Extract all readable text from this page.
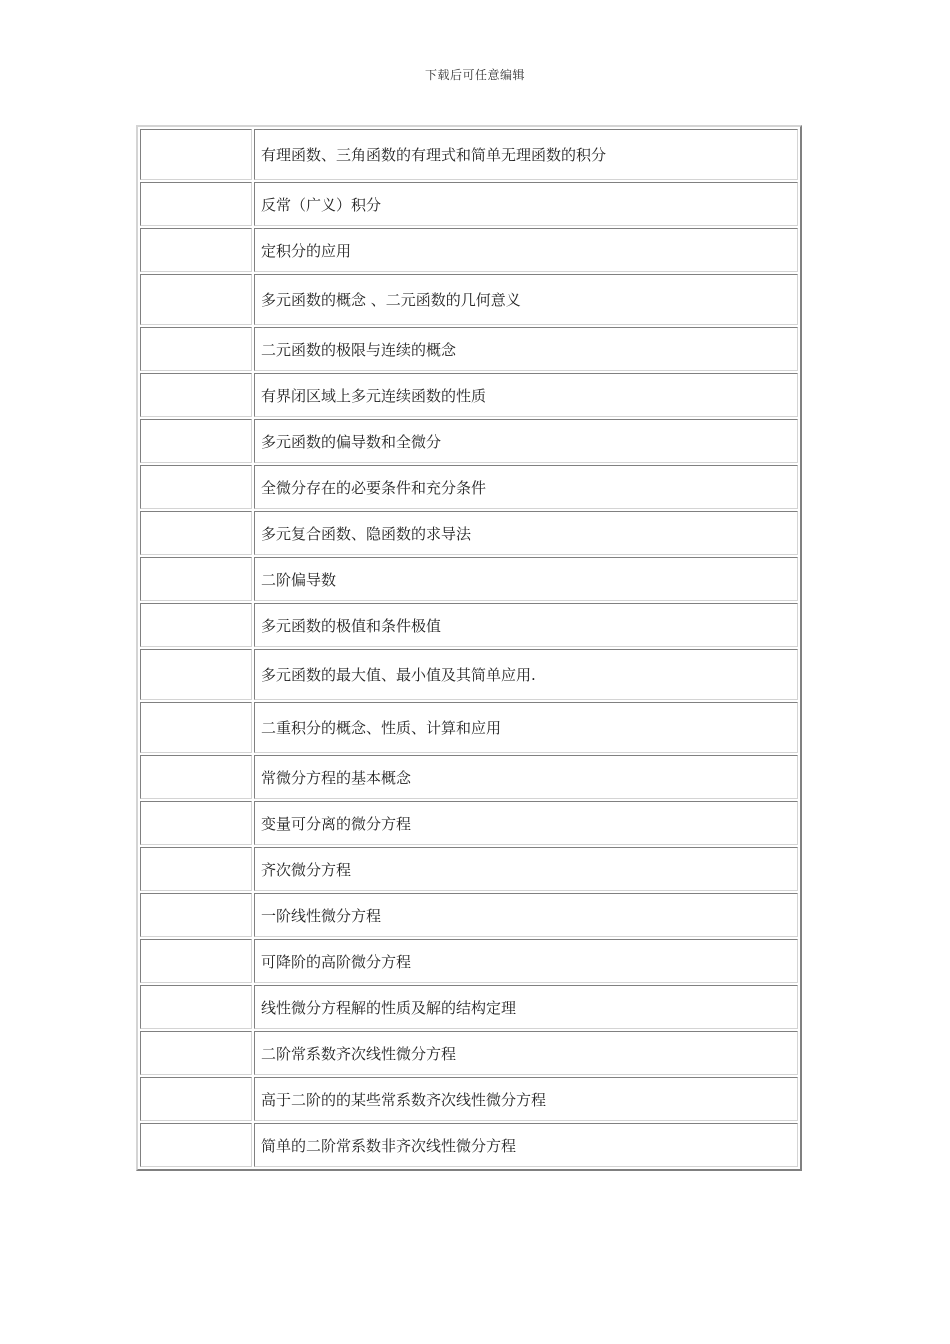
下载后可任意编辑
	有理函数、三角函数的有理式和简单无理函数的积分
	反常（广义）积分
	定积分的应用
	多元函数的概念 、二元函数的几何意义
	二元函数的极限与连续的概念
	有界闭区域上多元连续函数的性质
	多元函数的偏导数和全微分
	全微分存在的必要条件和充分条件
	多元复合函数、隐函数的求导法
	二阶偏导数
	多元函数的极值和条件极值
	多元函数的最大值、最小值及其简单应用.
	二重积分的概念、性质、计算和应用
	常微分方程的基本概念
	变量可分离的微分方程
	齐次微分方程
	一阶线性微分方程
	可降阶的高阶微分方程
	线性微分方程解的性质及解的结构定理
	二阶常系数齐次线性微分方程
	高于二阶的的某些常系数齐次线性微分方程
	简单的二阶常系数非齐次线性微分方程
